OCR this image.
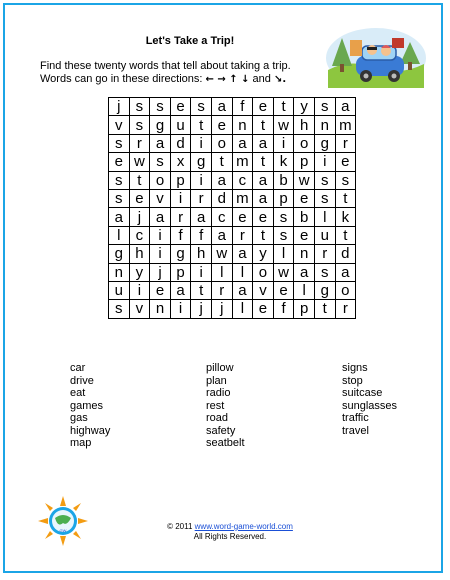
Let's Take a Trip!
Find these twenty words that tell about taking a trip.
Words can go in these directions: ← → ↑ ↓ and ↘.
j	s	s	e	s	a	f	e	t	y	s	a
v	s	g	u	t	e	n	t	w	h	n	m
s	r	a	d	i	o	a	a	i	o	g	r
e	w	s	x	g	t	m	t	k	p	i	e
s	t	o	p	i	a	c	a	b	w	s	s
s	e	v	i	r	d	m	a	p	e	s	t
a	j	a	r	a	c	e	e	s	b	l	k
l	c	i	f	f	a	r	t	s	e	u	t
g	h	i	g	h	w	a	y	l	n	r	d
n	y	j	p	i	l	l	o	w	a	s	a
u	i	e	a	t	r	a	v	e	l	g	o
s	v	n	i	j	j	l	e	f	p	t	r
car
drive
eat
games
gas
highway
map
pillow
plan
radio
rest
road
safety
seatbelt
signs
stop
suitcase
sunglasses
traffic
travel
GW	© 2011 www.word-game-world.com
All Rights Reserved.
